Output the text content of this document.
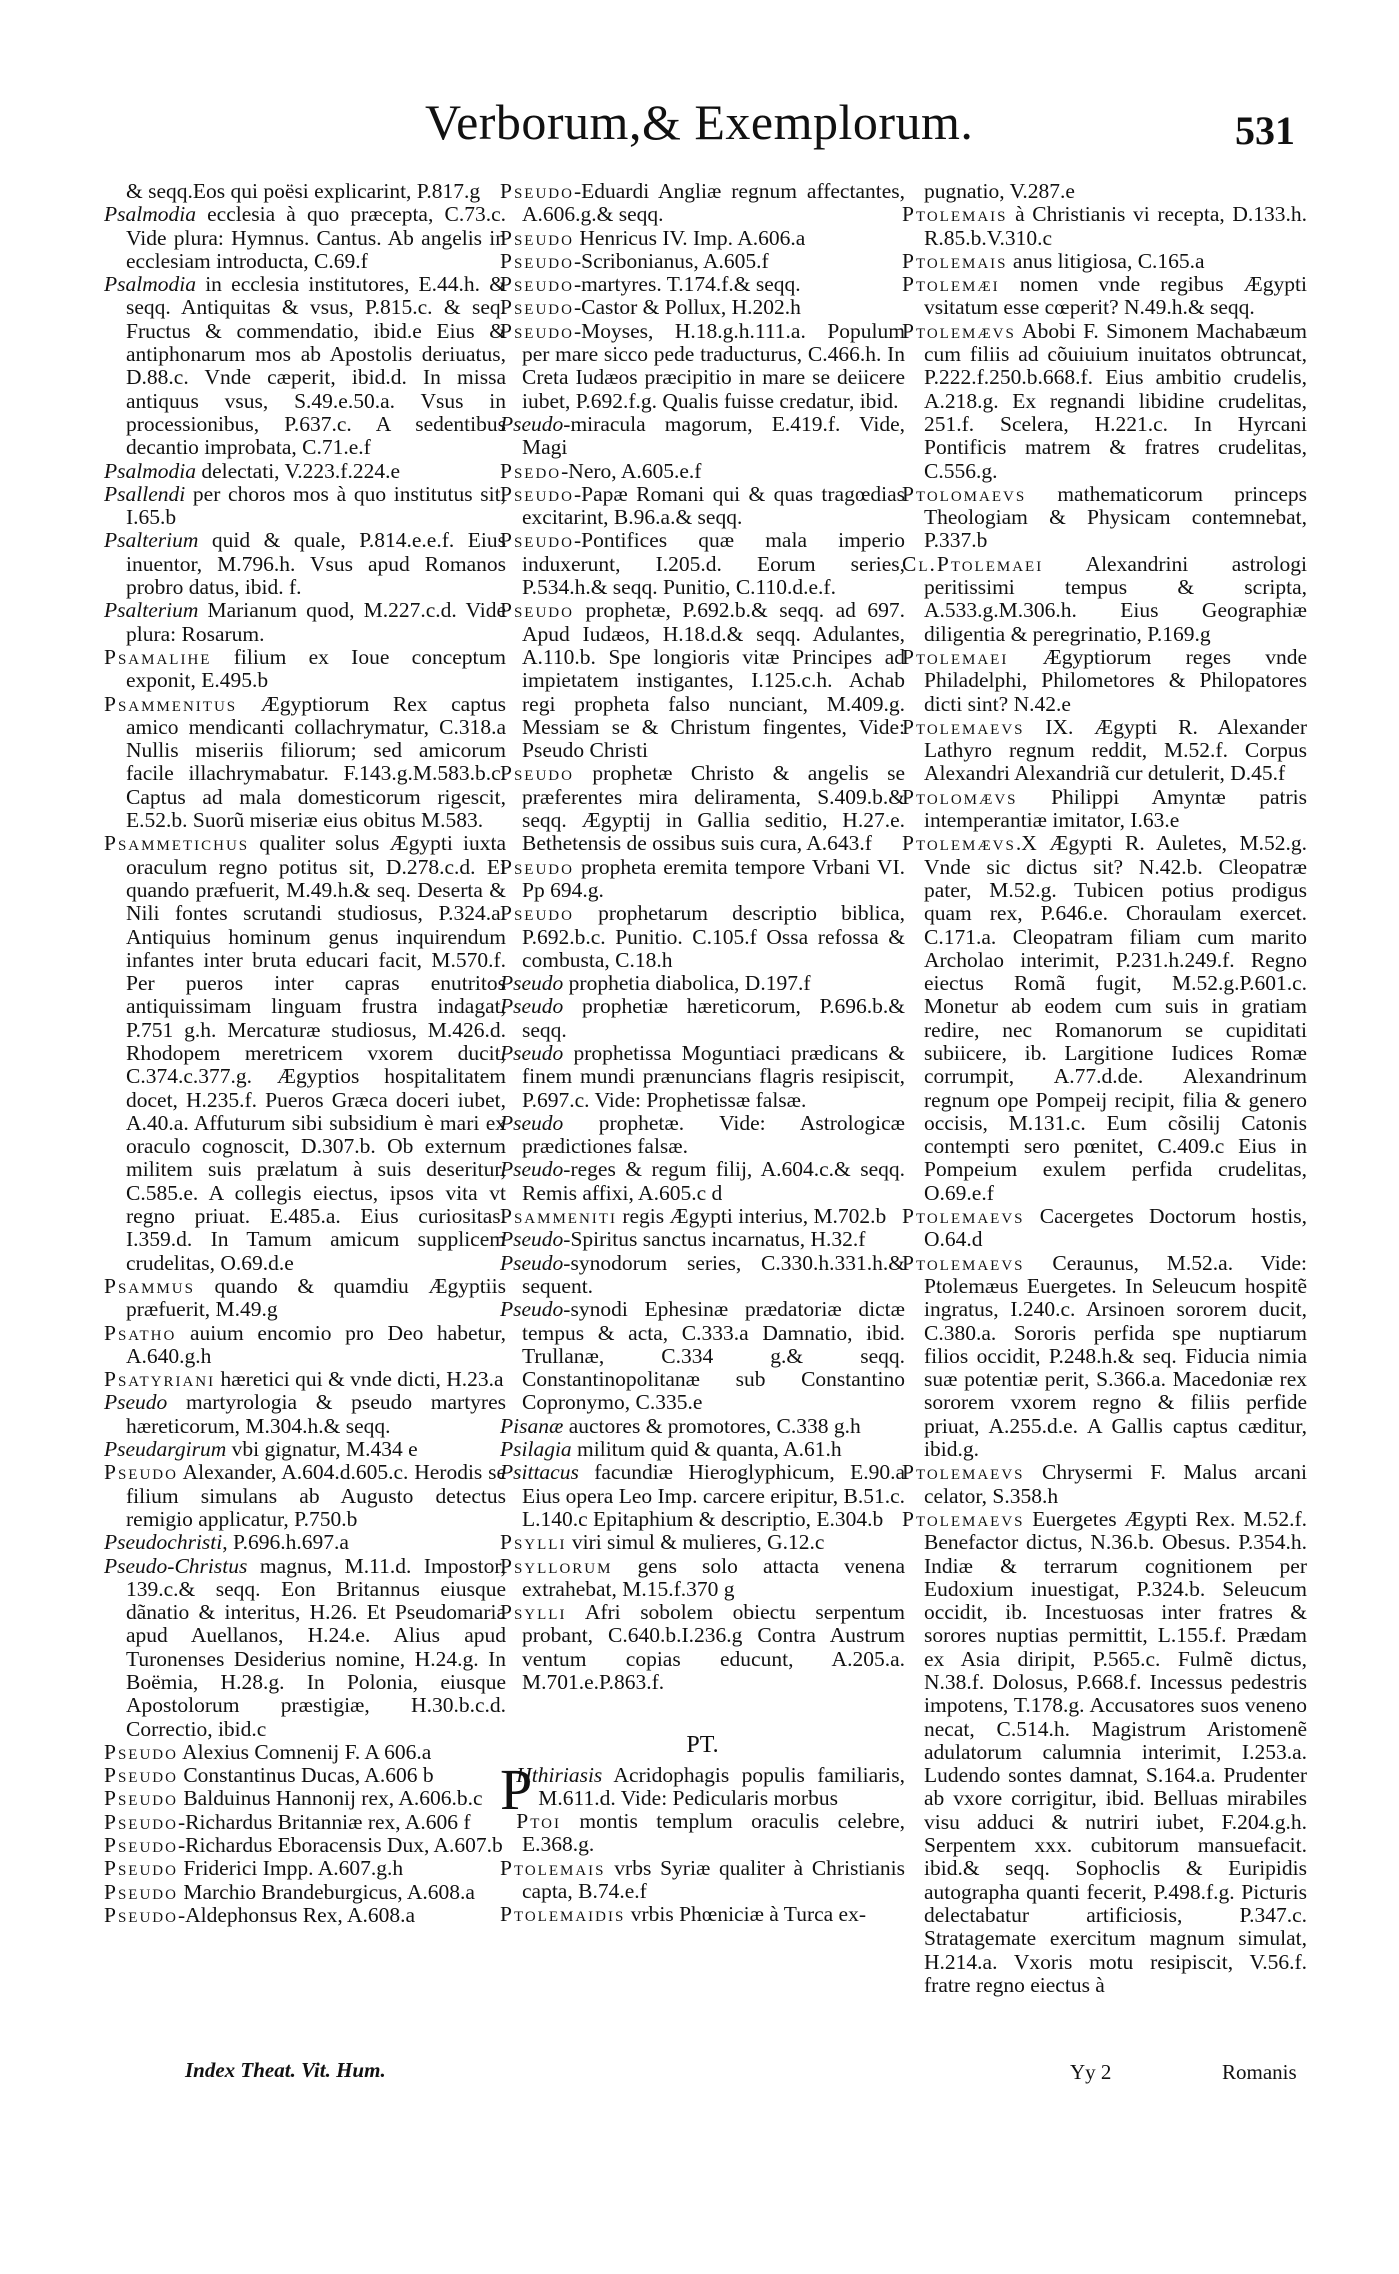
Verborum,& Exemplorum.	531

& seqq.Eos qui poësi explicarint, P.817.g

Psalmodia ecclesia à quo præcepta, C.73.c. Vide plura: Hymnus. Cantus. Ab angelis in ecclesiam introducta, C.69.f

Psalmodia in ecclesia institutores, E.44.h. & seqq. Antiquitas & vsus, P.815.c. & seq. Fructus & commendatio, ibid.e Eius & antiphonarum mos ab Apostolis deriuatus, D.88.c. Vnde cæperit, ibid.d. In missa antiquus vsus, S.49.e.50.a. Vsus in processionibus, P.637.c. A sedentibus decantio improbata, C.71.e.f

Psalmodia delectati, V.223.f.224.e

Psallendi per choros mos à quo institutus sit, I.65.b

Psalterium quid & quale, P.814.e.e.f. Eius inuentor, M.796.h. Vsus apud Romanos probro datus, ibid. f.

Psalterium Marianum quod, M.227.c.d. Vide plura: Rosarum.

Psamalihe filium ex Ioue conceptum exponit, E.495.b

Psammenitus Ægyptiorum Rex captus amico mendicanti collachrymatur, C.318.a Nullis miseriis filiorum; sed amicorum facile illachrymabatur. F.143.g.M.583.b.c. Captus ad mala domesticorum rigescit, E.52.b. Suorũ miseriæ eius obitus M.583.

Psammetichus qualiter solus Ægypti iuxta oraculum regno potitus sit, D.278.c.d. Ei quando præfuerit, M.49.h.& seq. Deserta & Nili fontes scrutandi studiosus, P.324.a. Antiquius hominum genus inquirendum infantes inter bruta educari facit, M.570.f. Per pueros inter capras enutritos antiquissimam linguam frustra indagat, P.751 g.h. Mercaturæ studiosus, M.426.d. Rhodopem meretricem vxorem ducit, C.374.c.377.g. Ægyptios hospitalitatem docet, H.235.f. Pueros Græca doceri iubet, A.40.a. Affuturum sibi subsidium è mari ex oraculo cognoscit, D.307.b. Ob externum militem suis prælatum à suis deseritur, C.585.e. A collegis eiectus, ipsos vita vt regno priuat. E.485.a. Eius curiositas. I.359.d. In Tamum amicum supplicem crudelitas, O.69.d.e

Psammus quando & quamdiu Ægyptiis præfuerit, M.49.g

Psatho auium encomio pro Deo habetur, A.640.g.h

Psatyriani hæretici qui & vnde dicti, H.23.a

Pseudo martyrologia & pseudo martyres hæreticorum, M.304.h.& seqq.

Pseudargirum vbi gignatur, M.434 e

Pseudo Alexander, A.604.d.605.c. Herodis se filium simulans ab Augusto detectus remigio applicatur, P.750.b

Pseudochristi, P.696.h.697.a

Pseudo-Christus magnus, M.11.d. Impostor, 139.c.& seqq. Eon Britannus eiusque dãnatio & interitus, H.26. Et Pseudomaria apud Auellanos, H.24.e. Alius apud Turonenses Desiderius nomine, H.24.g. In Boëmia, H.28.g. In Polonia, eiusque Apostolorum præstigiæ, H.30.b.c.d. Correctio, ibid.c

Pseudo Alexius Comnenij F. A 606.a

Pseudo Constantinus Ducas, A.606 b

Pseudo Balduinus Hannonij rex, A.606.b.c

Pseudo-Richardus Britanniæ rex, A.606 f

Pseudo-Richardus Eboracensis Dux, A.607.b

Pseudo Friderici Impp. A.607.g.h

Pseudo Marchio Brandeburgicus, A.608.a

Pseudo-Aldephonsus Rex, A.608.a

Pseudo-Eduardi Angliæ regnum affectantes, A.606.g.& seqq.

Pseudo Henricus IV. Imp. A.606.a

Pseudo-Scribonianus, A.605.f

Pseudo-martyres. T.174.f.& seqq.

Pseudo-Castor & Pollux, H.202.h

Pseudo-Moyses, H.18.g.h.111.a. Populum per mare sicco pede traducturus, C.466.h. In Creta Iudæos præcipitio in mare se deiicere iubet, P.692.f.g. Qualis fuisse credatur, ibid.

Pseudo-miracula magorum, E.419.f. Vide, Magi

Psedo-Nero, A.605.e.f

Pseudo-Papæ Romani qui & quas tragœdias excitarint, B.96.a.& seqq.

Pseudo-Pontifices quæ mala imperio induxerunt, I.205.d. Eorum series, P.534.h.& seqq. Punitio, C.110.d.e.f.

Pseudo prophetæ, P.692.b.& seqq. ad 697. Apud Iudæos, H.18.d.& seqq. Adulantes, A.110.b. Spe longioris vitæ Principes ad impietatem instigantes, I.125.c.h. Achab regi propheta falso nunciant, M.409.g. Messiam se & Christum fingentes, Vide: Pseudo Christi

Pseudo prophetæ Christo & angelis se præferentes mira deliramenta, S.409.b.& seqq. Ægyptij in Gallia seditio, H.27.e. Bethetensis de ossibus suis cura, A.643.f

Pseudo propheta eremita tempore Vrbani VI. Pp 694.g.

Pseudo prophetarum descriptio biblica, P.692.b.c. Punitio. C.105.f Ossa refossa & combusta, C.18.h

Pseudo prophetia diabolica, D.197.f

Pseudo prophetiæ hæreticorum, P.696.b.& seqq.

Pseudo prophetissa Moguntiaci prædicans & finem mundi prænuncians flagris resipiscit, P.697.c. Vide: Prophetissæ falsæ.

Pseudo prophetæ. Vide: Astrologicæ prædictiones falsæ.

Pseudo-reges & regum filij, A.604.c.& seqq. Remis affixi, A.605.c d

Psammeniti regis Ægypti interius, M.702.b

Pseudo-Spiritus sanctus incarnatus, H.32.f

Pseudo-synodorum series, C.330.h.331.h.& sequent.

Pseudo-synodi Ephesinæ prædatoriæ dictæ tempus & acta, C.333.a Damnatio, ibid. Trullanæ, C.334 g.& seqq. Constantinopolitanæ sub Constantino Copronymo, C.335.e

Pisanæ auctores & promotores, C.338 g.h

Psilagia militum quid & quanta, A.61.h

Psittacus facundiæ Hieroglyphicum, E.90.a Eius opera Leo Imp. carcere eripitur, B.51.c. L.140.c Epitaphium & descriptio, E.304.b

Psylli viri simul & mulieres, G.12.c

Psyllorum gens solo attacta venena extrahebat, M.15.f.370 g

Psylli Afri sobolem obiectu serpentum probant, C.640.b.I.236.g Contra Austrum ventum copias educunt, A.205.a. M.701.e.P.863.f.

PT.
P

Hthiriasis Acridophagis populis familiaris, M.611.d. Vide: Pedicularis morbus

Ptoi montis templum oraculis celebre, E.368.g.

Ptolemais vrbs Syriæ qualiter à Christianis capta, B.74.e.f

Ptolemaidis vrbis Phœniciæ à Turca ex-

pugnatio, V.287.e

Ptolemais à Christianis vi recepta, D.133.h. R.85.b.V.310.c

Ptolemais anus litigiosa, C.165.a

Ptolemæi nomen vnde regibus Ægypti vsitatum esse cœperit? N.49.h.& seqq.

Ptolemævs Abobi F. Simonem Machabæum cum filiis ad cõuiuium inuitatos obtruncat, P.222.f.250.b.668.f. Eius ambitio crudelis, A.218.g. Ex regnandi libidine crudelitas, 251.f. Scelera, H.221.c. In Hyrcani Pontificis matrem & fratres crudelitas, C.556.g.

Ptolomaevs mathematicorum princeps Theologiam & Physicam contemnebat, P.337.b

Cl.Ptolemaei Alexandrini astrologi peritissimi tempus & scripta, A.533.g.M.306.h. Eius Geographiæ diligentia & peregrinatio, P.169.g

Ptolemaei Ægyptiorum reges vnde Philadelphi, Philometores & Philopatores dicti sint? N.42.e

Ptolemaevs IX. Ægypti R. Alexander Lathyro regnum reddit, M.52.f. Corpus Alexandri Alexandriã cur detulerit, D.45.f

Ptolomævs Philippi Amyntæ patris intemperantiæ imitator, I.63.e

Ptolemævs.X Ægypti R. Auletes, M.52.g. Vnde sic dictus sit? N.42.b. Cleopatræ pater, M.52.g. Tubicen potius prodigus quam rex, P.646.e. Choraulam exercet. C.171.a. Cleopatram filiam cum marito Archolao interimit, P.231.h.249.f. Regno eiectus Romã fugit, M.52.g.P.601.c. Monetur ab eodem cum suis in gratiam redire, nec Romanorum se cupiditati subiicere, ib. Largitione Iudices Romæ corrumpit, A.77.d.de. Alexandrinum regnum ope Pompeij recipit, filia & genero occisis, M.131.c. Eum cõsilij Catonis contempti sero pœnitet, C.409.c Eius in Pompeium exulem perfida crudelitas, O.69.e.f

Ptolemaevs Cacergetes Doctorum hostis, O.64.d

Ptolemaevs Ceraunus, M.52.a. Vide: Ptolemæus Euergetes. In Seleucum hospitẽ ingratus, I.240.c. Arsinoen sororem ducit, C.380.a. Sororis perfida spe nuptiarum filios occidit, P.248.h.& seq. Fiducia nimia suæ potentiæ perit, S.366.a. Macedoniæ rex sororem vxorem regno & filiis perfide priuat, A.255.d.e. A Gallis captus cæditur, ibid.g.

Ptolemaevs Chrysermi F. Malus arcani celator, S.358.h

Ptolemaevs Euergetes Ægypti Rex. M.52.f. Benefactor dictus, N.36.b. Obesus. P.354.h. Indiæ & terrarum cognitionem per Eudoxium inuestigat, P.324.b. Seleucum occidit, ib. Incestuosas inter fratres & sorores nuptias permittit, L.155.f. Prædam ex Asia diripit, P.565.c. Fulmẽ dictus, N.38.f. Dolosus, P.668.f. Incessus pedestris impotens, T.178.g. Accusatores suos veneno necat, C.514.h. Magistrum Aristomenẽ adulatorum calumnia interimit, I.253.a. Ludendo sontes damnat, S.164.a. Prudenter ab vxore corrigitur, ibid. Belluas mirabiles visu adduci & nutriri iubet, F.204.g.h. Serpentem xxx. cubitorum mansuefacit. ibid.& seqq. Sophoclis & Euripidis autographa quanti fecerit, P.498.f.g. Picturis delectabatur artificiosis, P.347.c. Stratagemate exercitum magnum simulat, H.214.a. Vxoris motu resipiscit, V.56.f. fratre regno eiectus à

Index Theat. Vit. Hum.	Yy 2	Romanis
